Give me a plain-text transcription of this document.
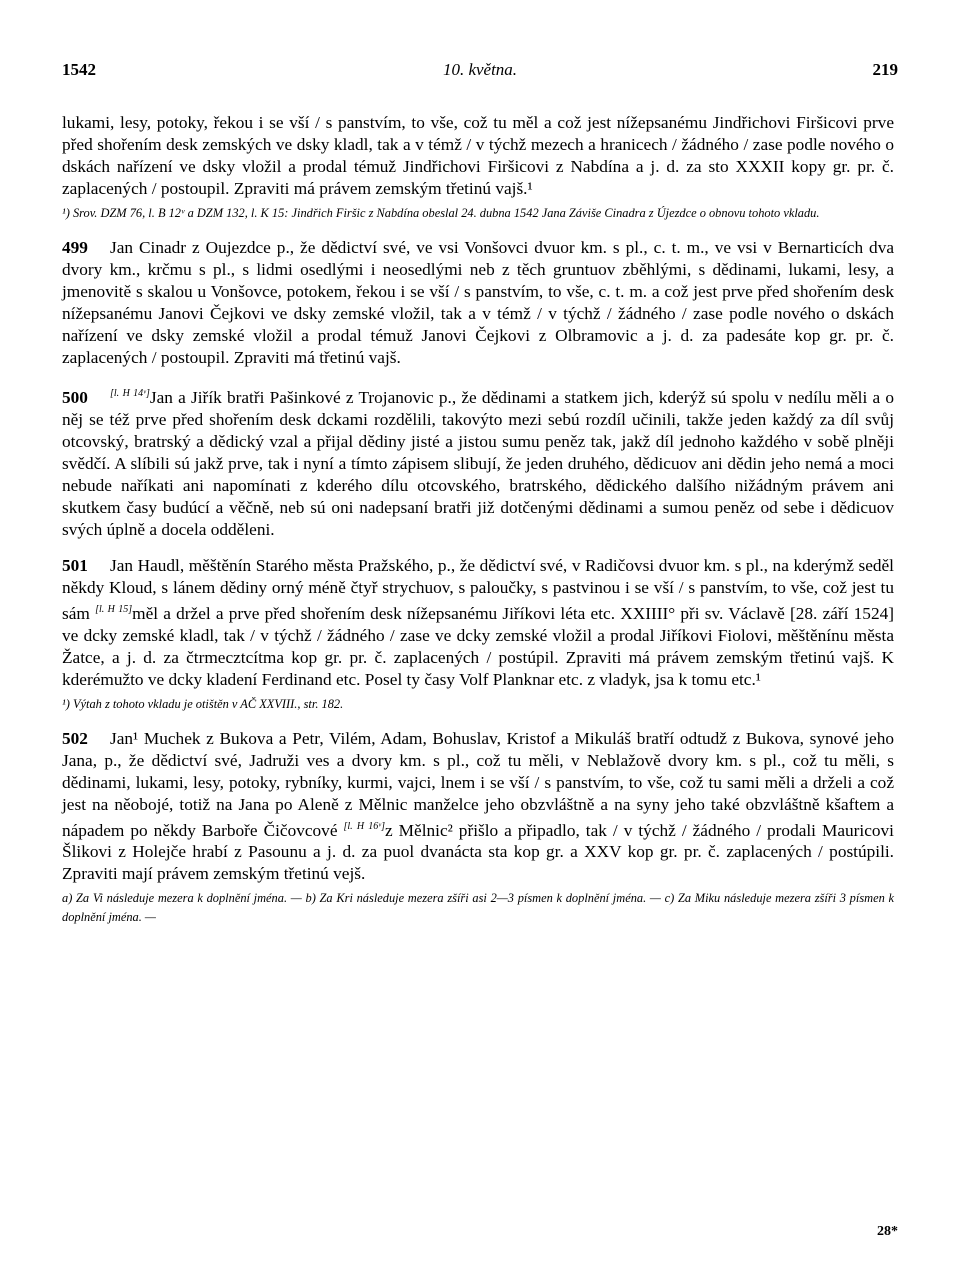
1542	10. května.	219

lukami, lesy, potoky, řekou i se vší / s panstvím, to vše, což tu měl a což jest nížepsanému Jindřichovi Firšicovi prve před shořením desk zemských ve dsky kladl, tak a v témž / v týchž mezech a hranicech / žádného / zase podle nového o dskách nařízení ve dsky vložil a prodal témuž Jindřichovi Firšicovi z Nabdína a j. d. za sto XXXII kopy gr. pr. č. zaplacených / postoupil. Zpraviti má právem zemským třetinú vajš.¹

¹) Srov. DZM 76, l. B 12ᵛ a DZM 132, l. K 15: Jindřich Firšic z Nabdína obeslal 24. dubna 1542 Jana Záviše Cinadra z Újezdce o obnovu tohoto vkladu.

499 Jan Cinadr z Oujezdce p., že dědictví své, ve vsi Vonšovci dvuor km. s pl., c. t. m., ve vsi v Bernarticích dva dvory km., krčmu s pl., s lidmi osedlými i neosedlými neb z těch gruntuov zběhlými, s dědinami, lukami, lesy, a jmenovitě s skalou u Vonšovce, potokem, řekou i se vší / s panstvím, to vše, c. t. m. a což jest prve před shořením desk nížepsanému Janovi Čejkovi ve dsky zemské vložil, tak a v témž / v týchž / žádného / zase podle nového o dskách nařízení ve dsky zemské vložil a prodal témuž Janovi Čejkovi z Olbramovic a j. d. za padesáte kop gr. pr. č. zaplacených / postoupil. Zpraviti má třetinú vajš.

500 [l. H 14ᵛ]Jan a Jiřík bratři Pašinkové z Trojanovic p., že dědinami a statkem jich, kderýž sú spolu v nedílu měli a o něj se též prve před shořením desk dckami rozdělili, takovýto mezi sebú rozdíl učinili, takže jeden každý za díl svůj otcovský, bratrský a dědický vzal a přijal dědiny jisté a jistou sumu peněz tak, jakž díl jednoho každého v sobě plněji svědčí. A slíbili sú jakž prve, tak i nyní a tímto zápisem slibují, že jeden druhého, dědicuov ani dědin jeho nemá a moci nebude naříkati ani napomínati z kderého dílu otcovského, bratrského, dědického dalšího nižádným právem ani skutkem časy budúcí a věčně, neb sú oni nadepsaní bratři již dotčenými dědinami a sumou peněz od sebe i dědicuov svých úplně a docela odděleni.

501 Jan Haudl, měštěnín Starého města Pražského, p., že dědictví své, v Radičovsi dvuor km. s pl., na kderýmž seděl někdy Kloud, s lánem dědiny orný méně čtyř strychuov, s paloučky, s pastvinou i se vší / s panstvím, to vše, což jest tu sám [l. H 15]měl a držel a prve před shořením desk nížepsanému Jiříkovi léta etc. XXIIII° při sv. Václavě [28. září 1524] ve dcky zemské kladl, tak / v týchž / žádného / zase ve dcky zemské vložil a prodal Jiříkovi Fiolovi, měštěnínu města Žatce, a j. d. za čtrmecztcítma kop gr. pr. č. zaplacených / postúpil. Zpraviti má právem zemským třetinú vajš. K kderémužto ve dcky kladení Ferdinand etc. Posel ty časy Volf Planknar etc. z vladyk, jsa k tomu etc.¹

¹) Výtah z tohoto vkladu je otištěn v AČ XXVIII., str. 182.

502 Jan¹ Muchek z Bukova a Petr, Vilém, Adam, Bohuslav, Kristof a Mikuláš bratří odtudž z Bukova, synové jeho Jana, p., že dědictví své, Jadruži ves a dvory km. s pl., což tu měli, v Neblažově dvory km. s pl., což tu měli, s dědinami, lukami, lesy, potoky, rybníky, kurmi, vajci, lnem i se vší / s panstvím, to vše, což tu sami měli a drželi a což jest na něobojé, totiž na Jana po Aleně z Mělnic manželce jeho obzvláštně a na syny jeho také obzvláštně kšaftem a nápadem po někdy Barboře Čičovcové [l. H 16ᵛ]z Mělnic² přišlo a připadlo, tak / v týchž / žádného / prodali Mauricovi Šlikovi z Holejče hrabí z Pasounu a j. d. za puol dvanácta sta kop gr. a XXV kop gr. pr. č. zaplacených / postúpili. Zpraviti mají právem zemským třetinú vejš.

a) Za Vi následuje mezera k doplnění jména. — b) Za Kri následuje mezera zšíři asi 2—3 písmen k doplnění jména. — c) Za Miku následuje mezera zšíři 3 písmen k doplnění jména. —

28*
